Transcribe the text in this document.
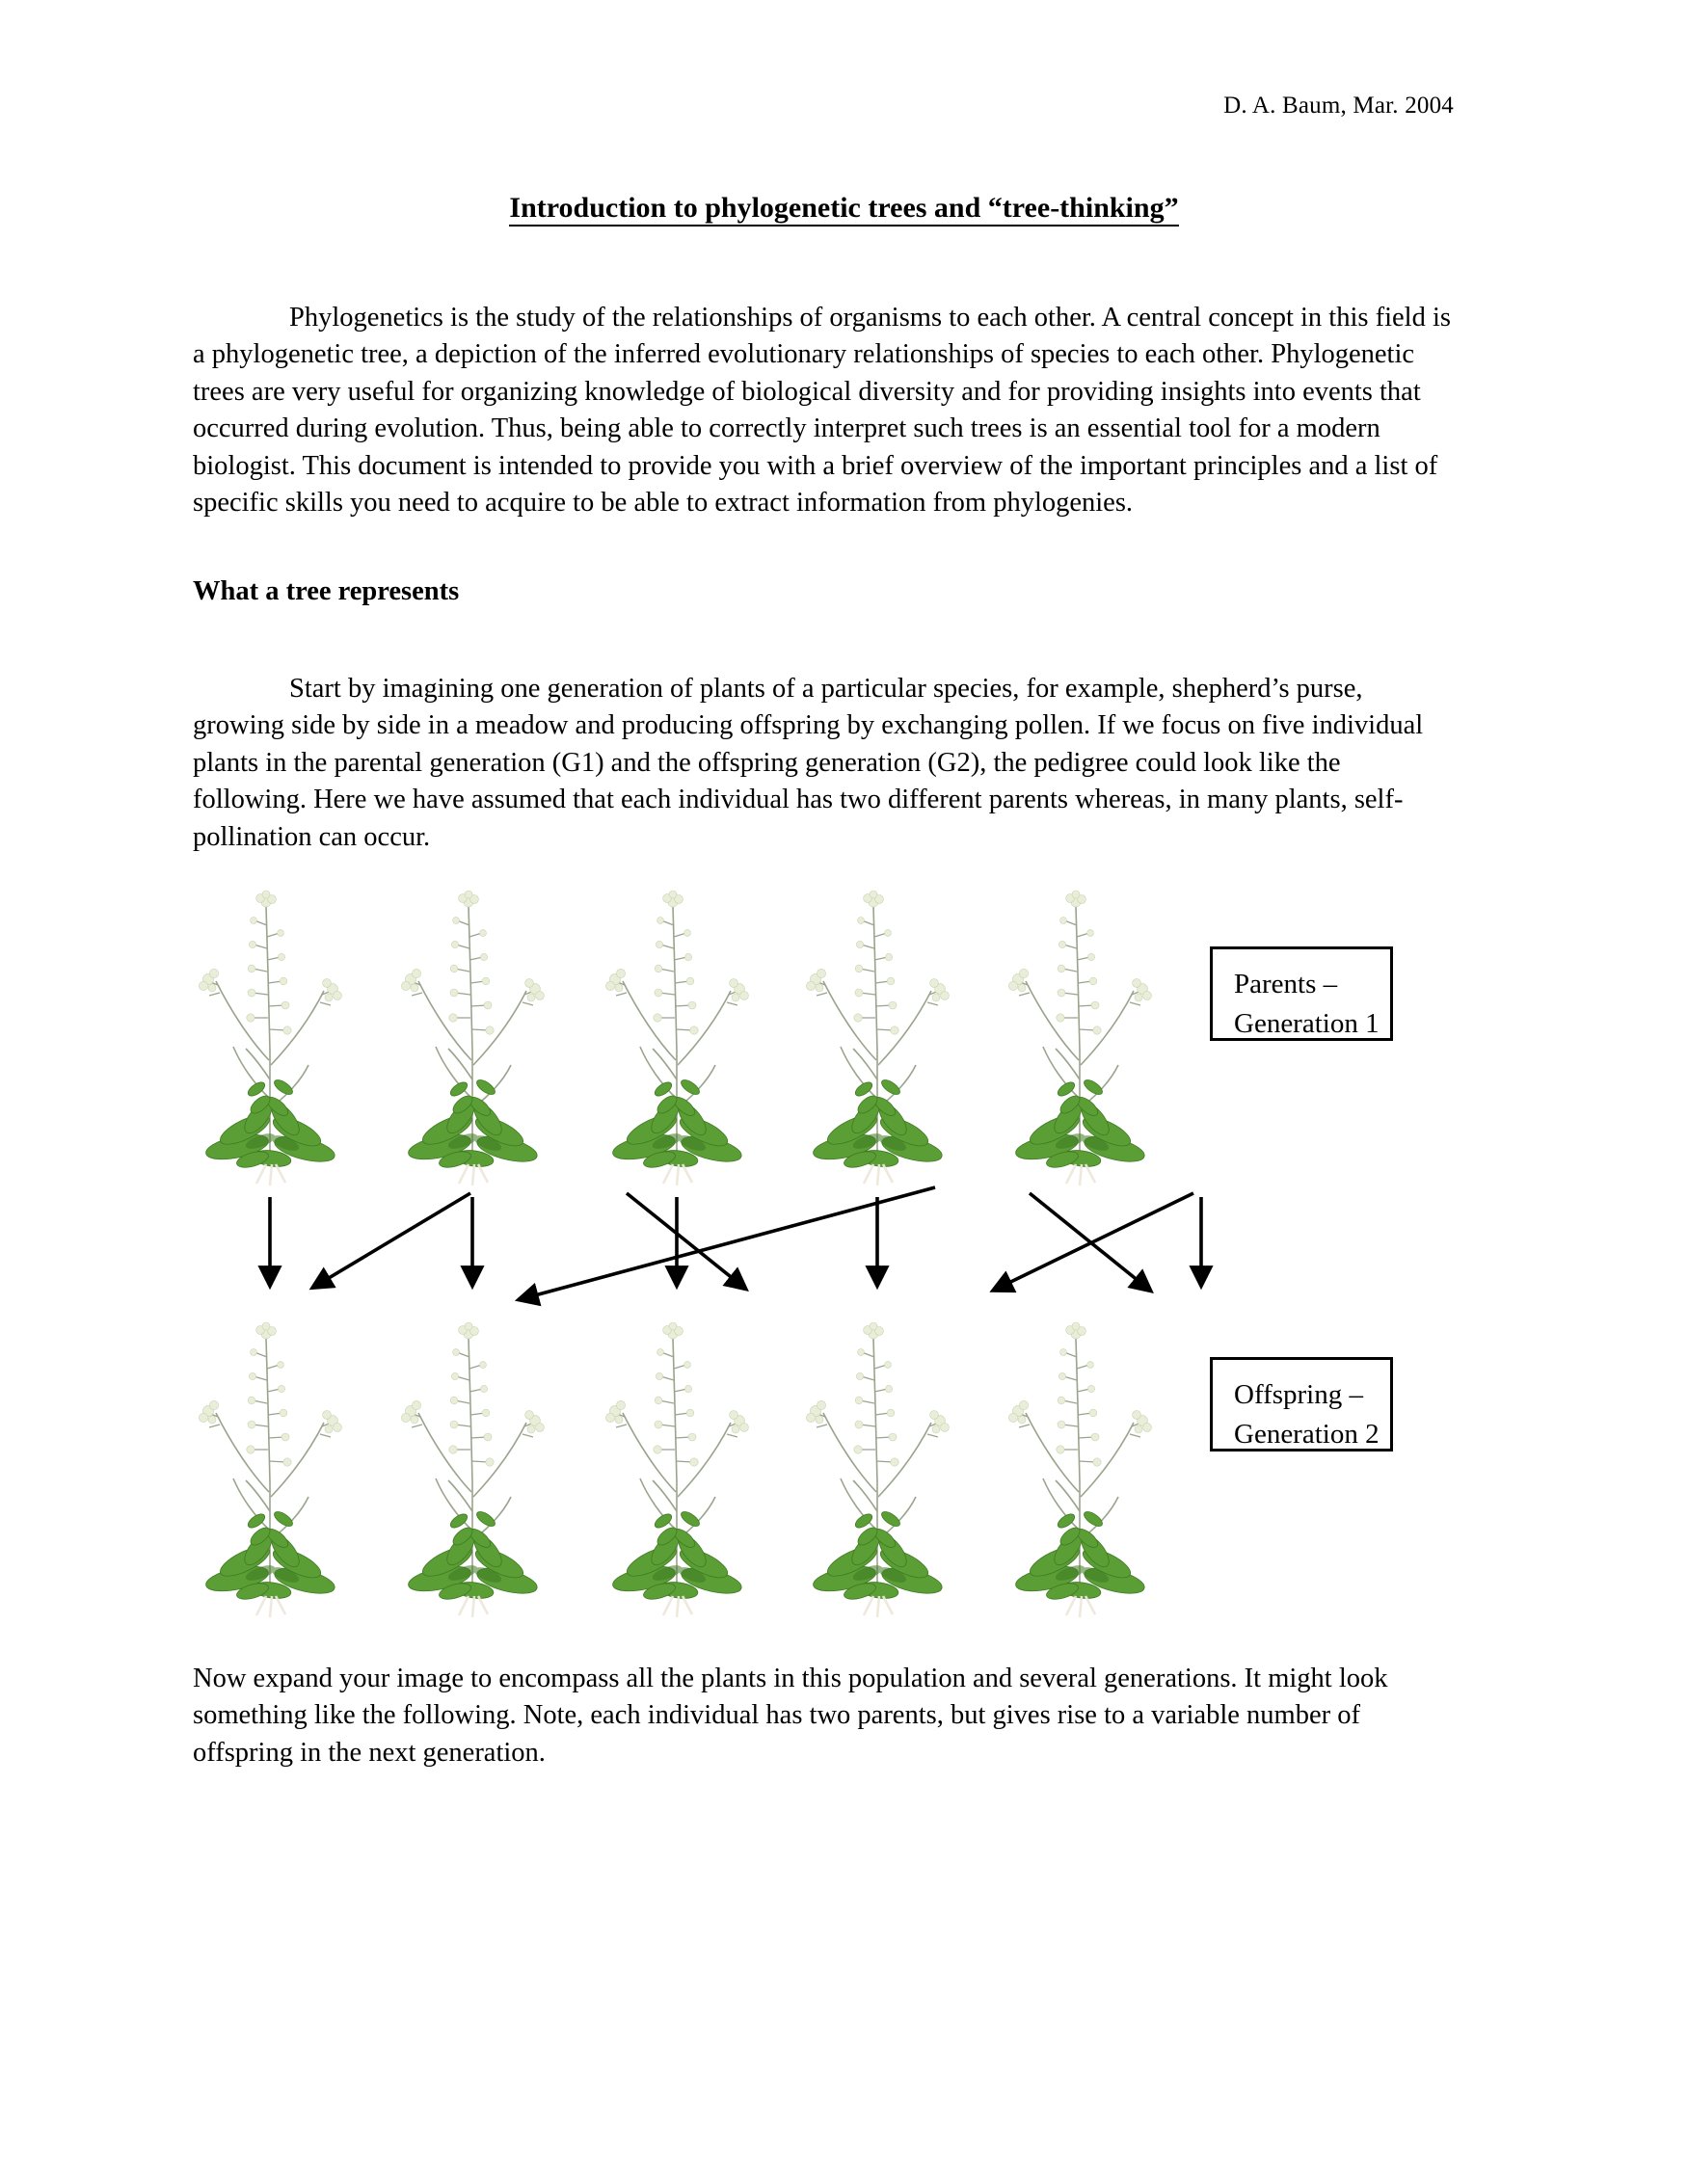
D. A. Baum, Mar. 2004
Introduction to phylogenetic trees and “tree-thinking”

Phylogenetics is the study of the relationships of organisms to each other. A central concept in this field is a phylogenetic tree, a depiction of the inferred evolutionary relationships of species to each other. Phylogenetic trees are very useful for organizing knowledge of biological diversity and for providing insights into events that occurred during evolution. Thus, being able to correctly interpret such trees is an essential tool for a modern biologist. This document is intended to provide you with a brief overview of the important principles and a list of specific skills you need to acquire to be able to extract information from phylogenies.

What a tree represents

Start by imagining one generation of plants of a particular species, for example, shepherd’s purse, growing side by side in a meadow and producing offspring by exchanging pollen. If we focus on five individual plants in the parental generation (G1) and the offspring generation (G2), the pedigree could look like the following. Here we have assumed that each individual has two different parents whereas, in many plants, self-pollination can occur.

Parents –
Generation 1
Offspring –
Generation 2

Now expand your image to encompass all the plants in this population and several generations. It might look something like the following. Note, each individual has two parents, but gives rise to a variable number of offspring in the next generation.
